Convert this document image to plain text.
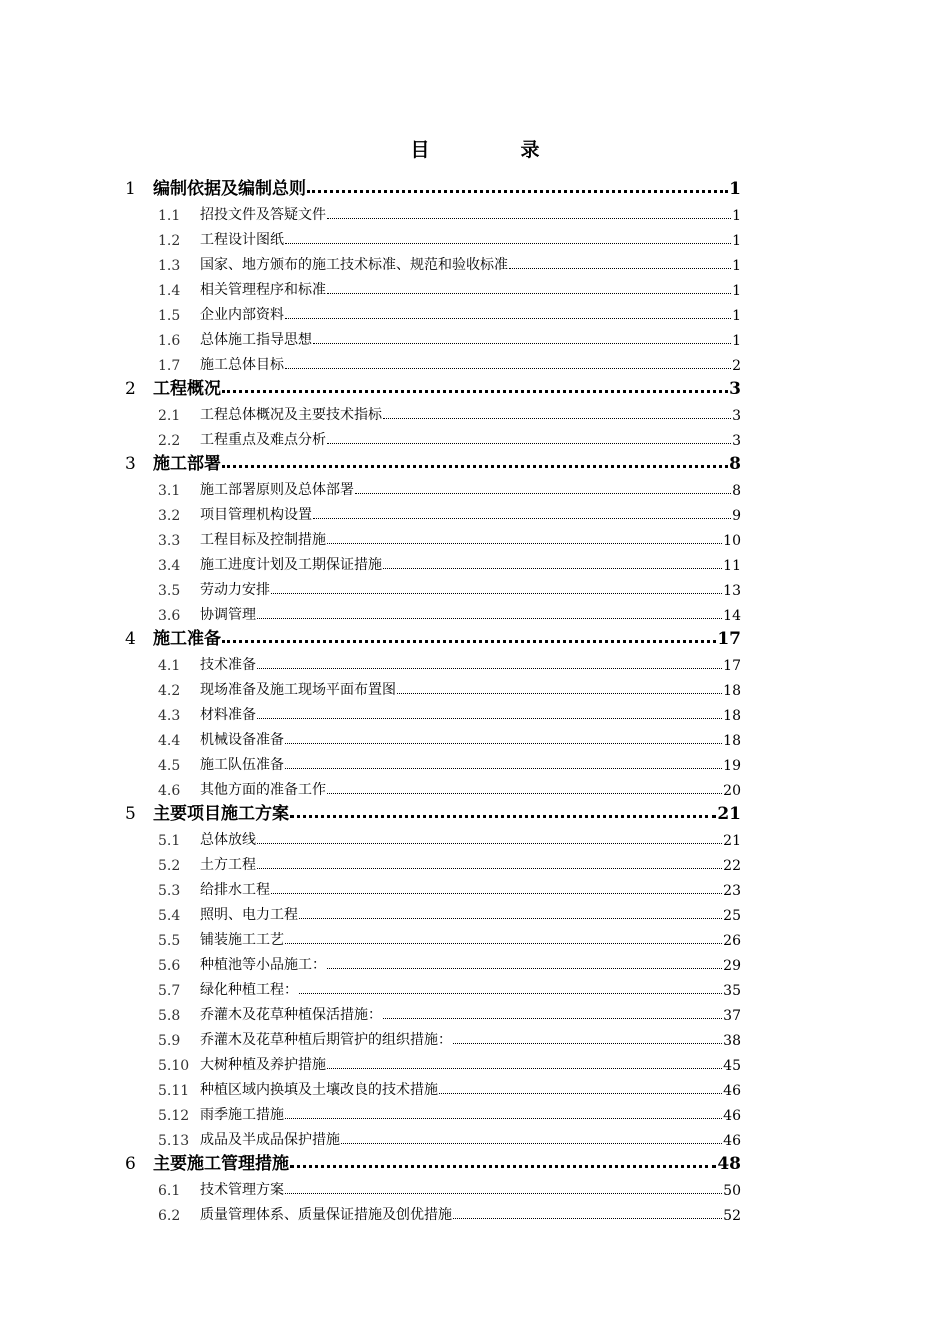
目　录
1	编制依据及编制总则	1
1.1	招投文件及答疑文件	1
1.2	工程设计图纸	1
1.3	国家、地方颁布的施工技术标准、规范和验收标准	1
1.4	相关管理程序和标准	1
1.5	企业内部资料	1
1.6	总体施工指导思想	1
1.7	施工总体目标	2
2	工程概况	3
2.1	工程总体概况及主要技术指标	3
2.2	工程重点及难点分析	3
3	施工部署	8
3.1	施工部署原则及总体部署	8
3.2	项目管理机构设置	9
3.3	工程目标及控制措施	10
3.4	施工进度计划及工期保证措施	11
3.5	劳动力安排	13
3.6	协调管理	14
4	施工准备	17
4.1	技术准备	17
4.2	现场准备及施工现场平面布置图	18
4.3	材料准备	18
4.4	机械设备准备	18
4.5	施工队伍准备	19
4.6	其他方面的准备工作	20
5	主要项目施工方案	21
5.1	总体放线	21
5.2	土方工程	22
5.3	给排水工程	23
5.4	照明、电力工程	25
5.5	铺装施工工艺	26
5.6	种植池等小品施工：	29
5.7	绿化种植工程：	35
5.8	乔灌木及花草种植保活措施：	37
5.9	乔灌木及花草种植后期管护的组织措施：	38
5.10 大树种植及养护措施	45
5.11 种植区域内换填及土壤改良的技术措施	46
5.12 雨季施工措施	46
5.13 成品及半成品保护措施	46
6	主要施工管理措施	48
6.1	技术管理方案	50
6.2	质量管理体系、质量保证措施及创优措施	52
